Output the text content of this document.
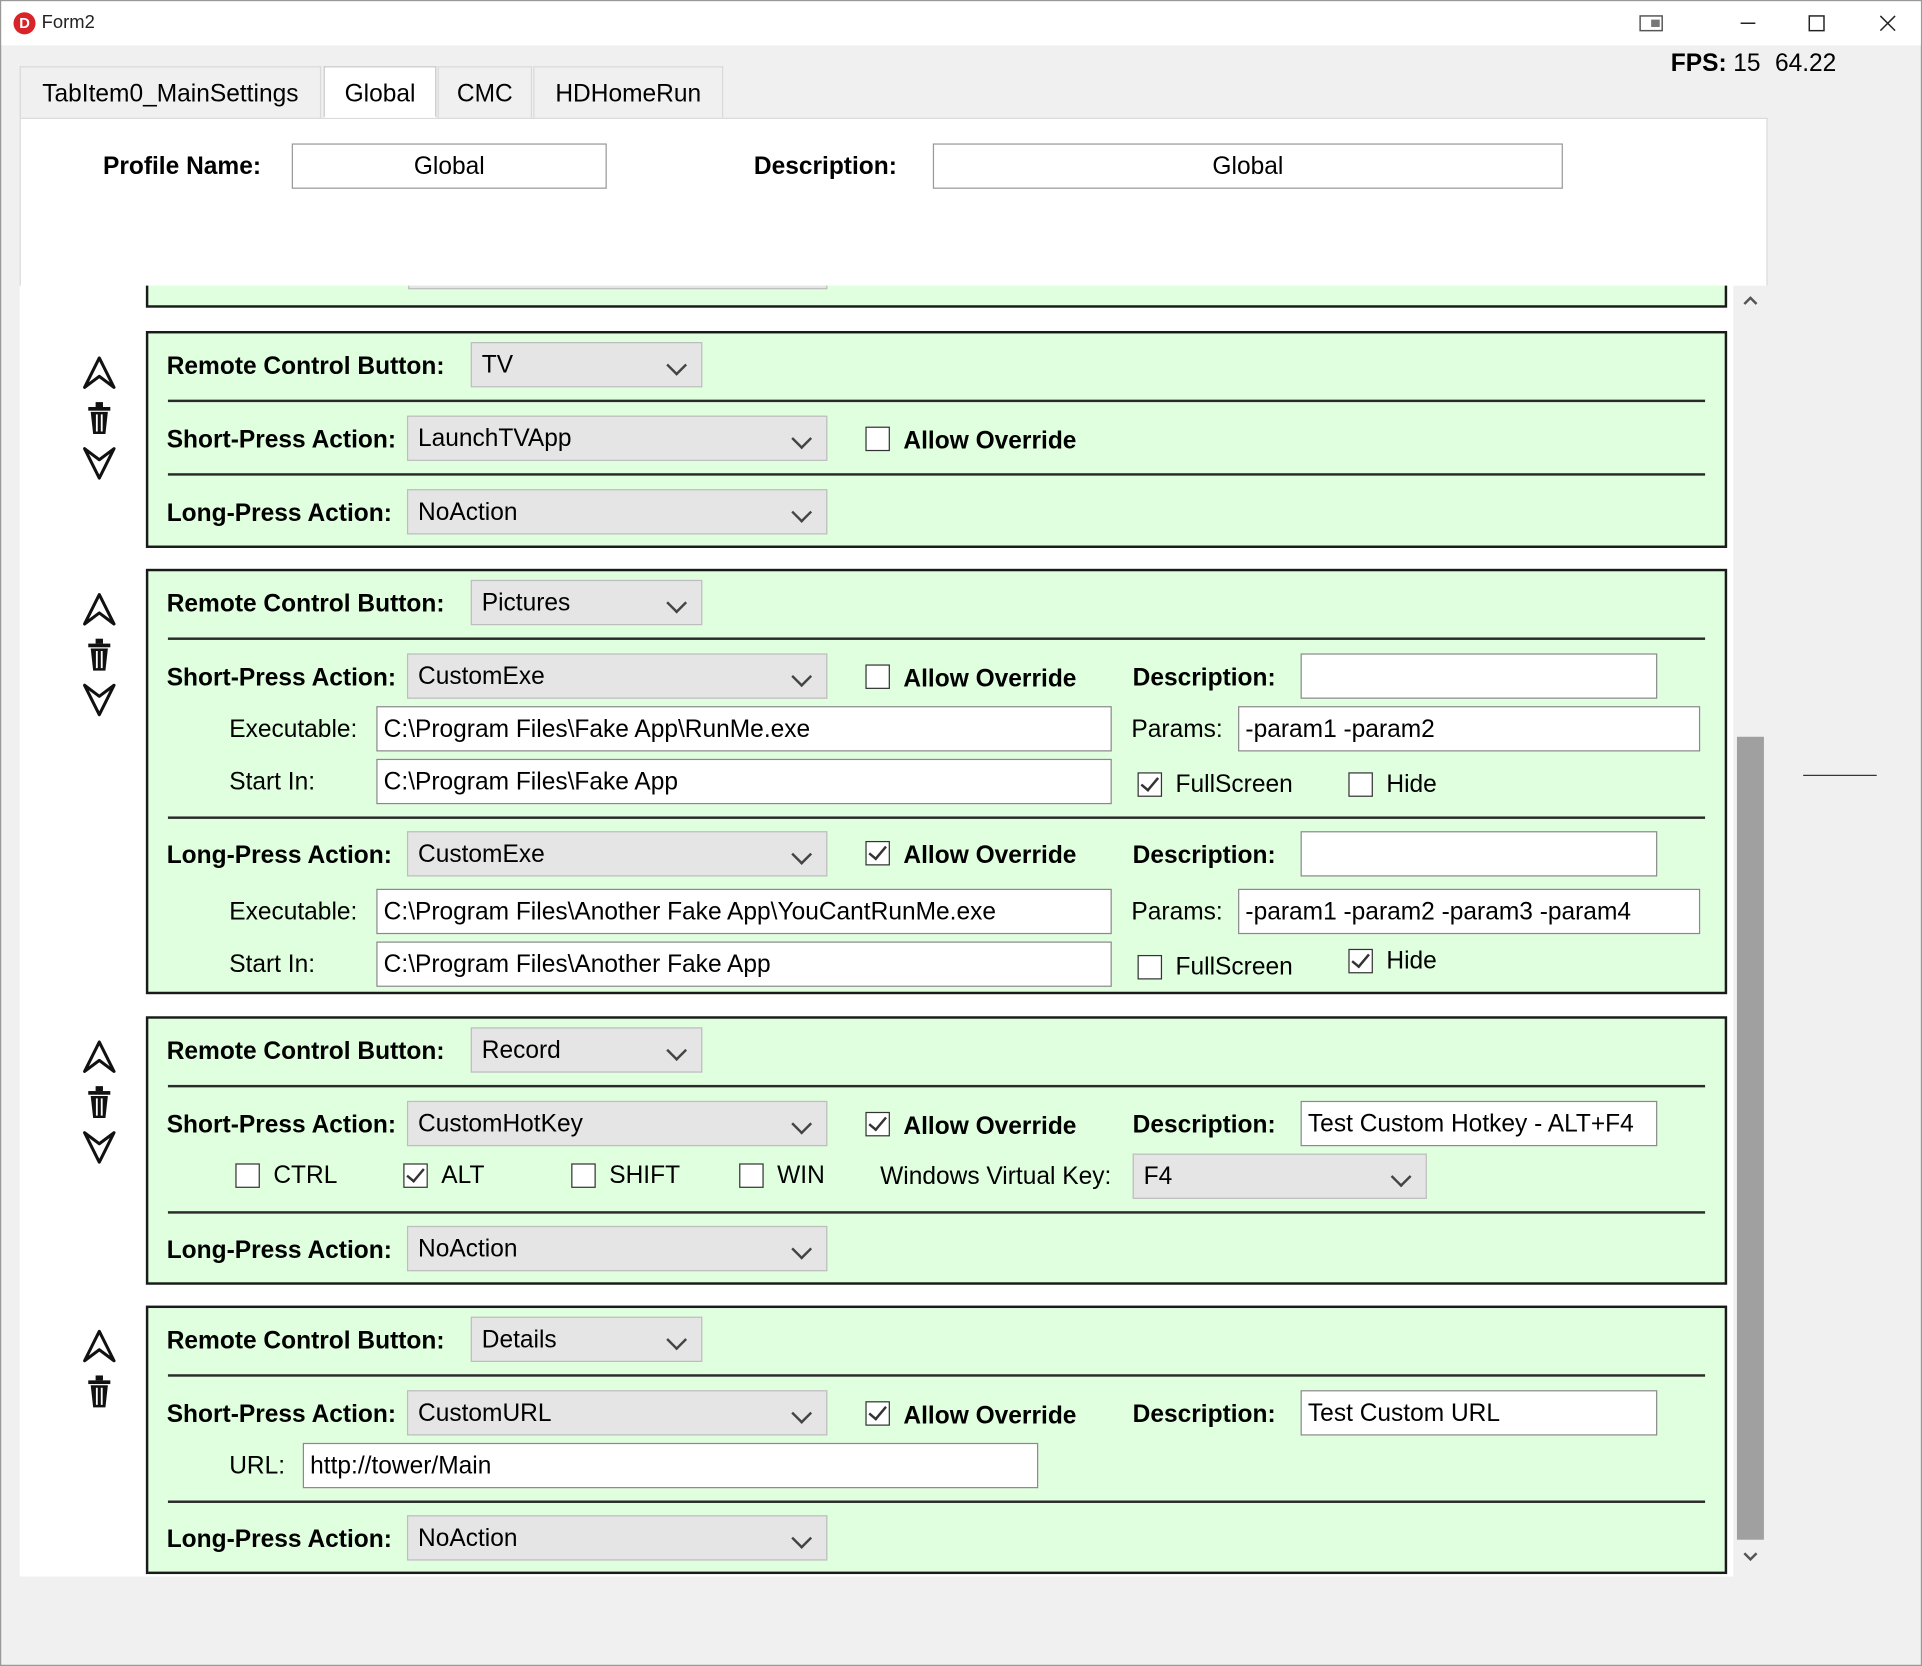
D Form2
FPS: 15 64.22
TabItem0_MainSettings	Global	CMC	HDHomeRun
Profile Name:	Global	Description:	Global
Remote Control Button:	TV
Short-Press Action:	LaunchTVApp	Allow Override
Long-Press Action:	NoAction
Remote Control Button:	Pictures
Short-Press Action:	CustomExe	Allow Override	Description:
Executable:	C:\Program Files\Fake App\RunMe.exe	Params:	-param1 -param2
Start In:	C:\Program Files\Fake App	FullScreen	Hide
Long-Press Action:	CustomExe	Allow Override	Description:
Executable:	C:\Program Files\Another Fake App\YouCantRunMe.exe	Params:	-param1 -param2 -param3 -param4
Start In:	C:\Program Files\Another Fake App	FullScreen	Hide
Remote Control Button:	Record
Short-Press Action:	CustomHotKey	Allow Override	Description:	Test Custom Hotkey - ALT+F4
CTRL	ALT	SHIFT	WIN	Windows Virtual Key:	F4
Long-Press Action:	NoAction
Remote Control Button:	Details
Short-Press Action:	CustomURL	Allow Override	Description:	Test Custom URL
URL:	http://tower/Main
Long-Press Action:	NoAction
